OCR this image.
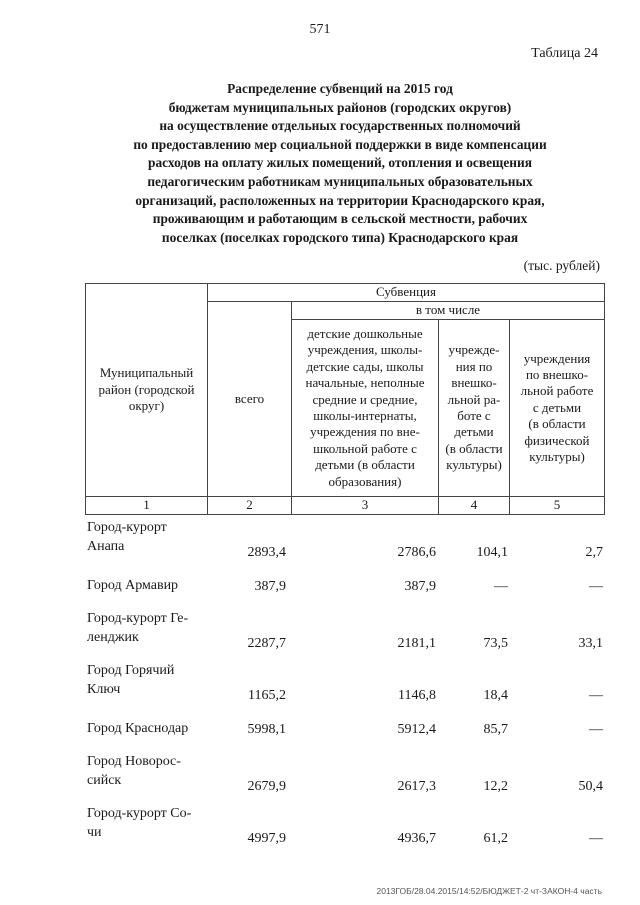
571
Таблица 24
Распределение субвенций на 2015 год
бюджетам муниципальных районов (городских округов)
на осуществление отдельных государственных полномочий
по предоставлению мер социальной поддержки в виде компенсации
расходов на оплату жилых помещений, отопления и освещения
педагогическим работникам муниципальных образовательных
организаций, расположенных на территории Краснодарского края,
проживающим и работающим в сельской местности, рабочих
поселках (поселках городского типа) Краснодарского края
(тыс. рублей)
Муниципальный
район (городской
округ)
Субвенция
в том числе
всего
детские дошкольные
учреждения, школы-
детские сады, школы
начальные, неполные
средние и средние,
школы-интернаты,
учреждения по вне-
школьной работе с
детьми (в области
образования)
учрежде-
ния по
внешко-
льной ра-
боте с
детьми
(в области
культуры)
учреждения
по внешко-
льной работе
с детьми
(в области
физической
культуры)
1	2	3	4	5
Город-курорт
Анапа	2893,4	2786,6	104,1	2,7
Город Армавир	387,9	387,9	—	—
Город-курорт Ге-
ленджик	2287,7	2181,1	73,5	33,1
Город Горячий
Ключ	1165,2	1146,8	18,4	—
Город Краснодар	5998,1	5912,4	85,7	—
Город Новорос-
сийск	2679,9	2617,3	12,2	50,4
Город-курорт Со-
чи	4997,9	4936,7	61,2	—
2013ГОБ/28.04.2015/14:52/БЮДЖЕТ-2 чт-ЗАКОН-4 часть
